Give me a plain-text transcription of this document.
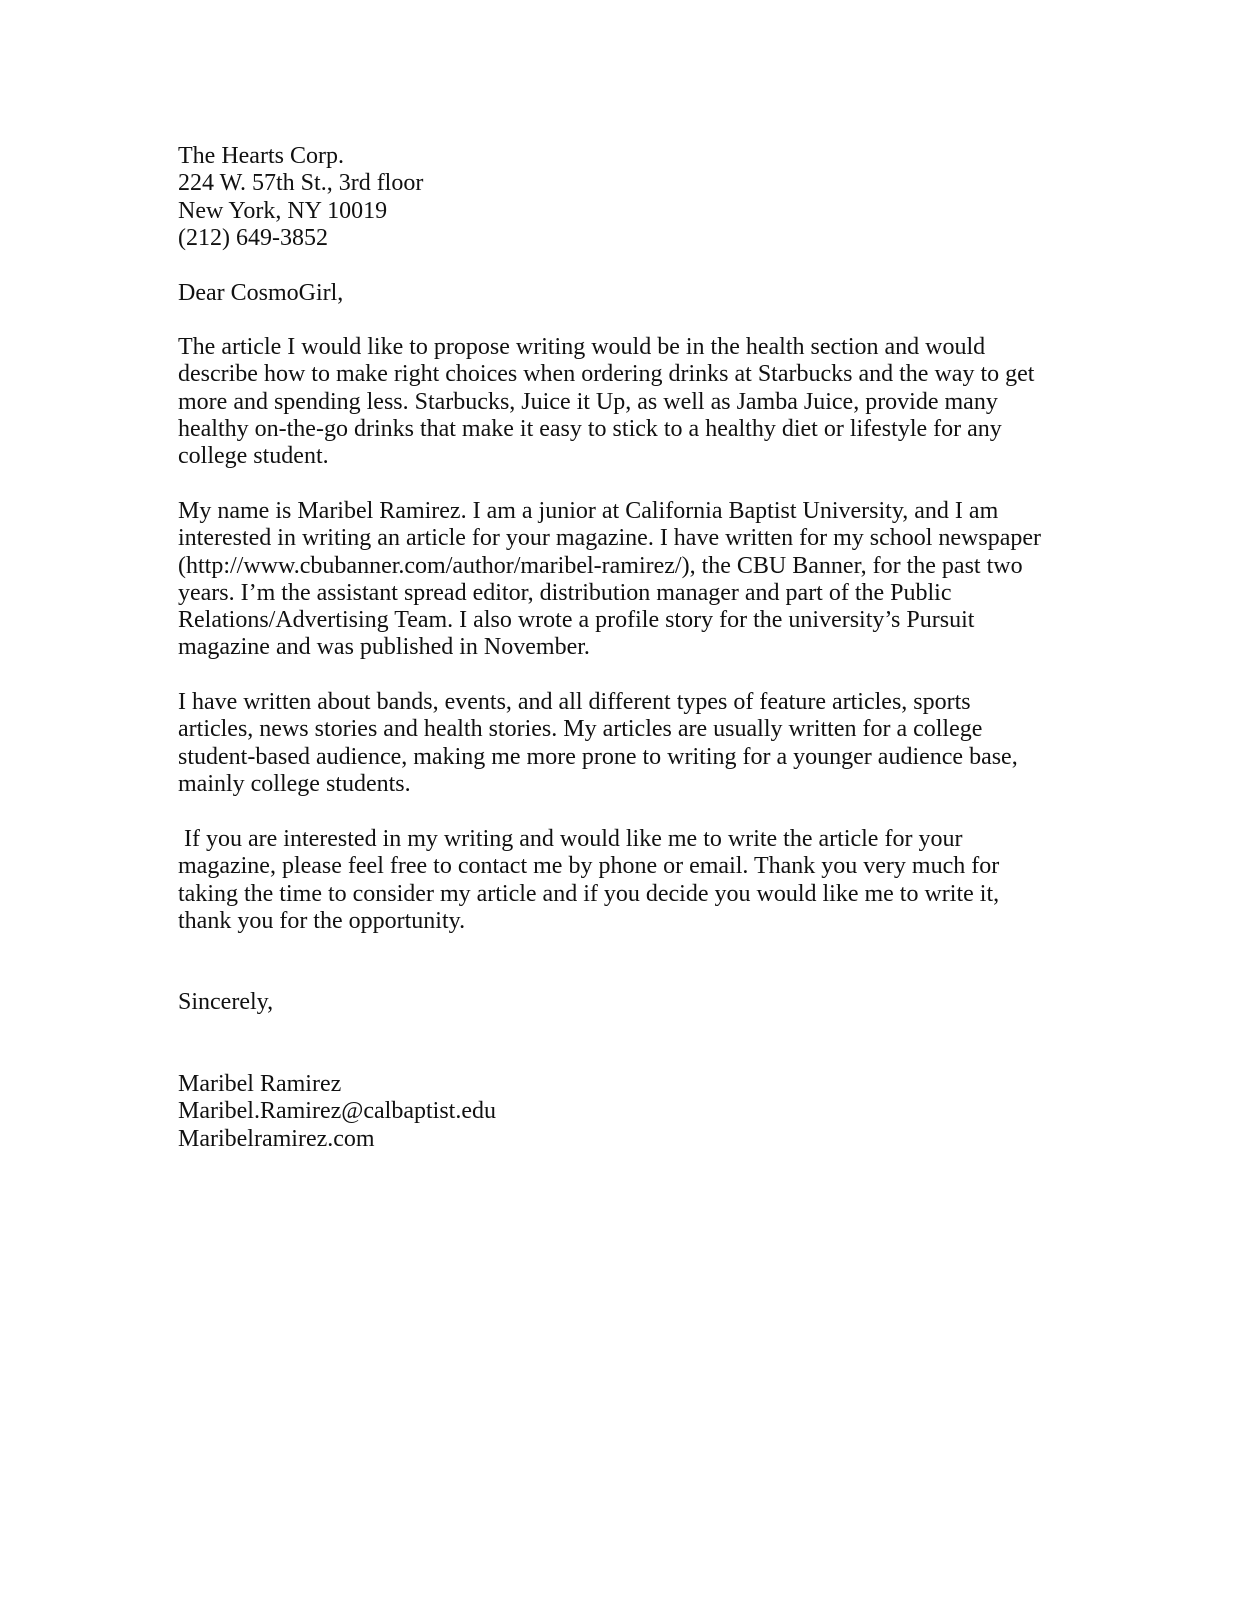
The Hearts Corp.
224 W. 57th St., 3rd floor
New York, NY 10019
(212) 649-3852
Dear CosmoGirl,
The article I would like to propose writing would be in the health section and would
describe how to make right choices when ordering drinks at Starbucks and the way to get
more and spending less. Starbucks, Juice it Up, as well as Jamba Juice, provide many
healthy on-the-go drinks that make it easy to stick to a healthy diet or lifestyle for any
college student.
My name is Maribel Ramirez. I am a junior at California Baptist University, and I am
interested in writing an article for your magazine. I have written for my school newspaper
(http://www.cbubanner.com/author/maribel-ramirez/), the CBU Banner, for the past two
years. I’m the assistant spread editor, distribution manager and part of the Public
Relations/Advertising Team. I also wrote a profile story for the university’s Pursuit
magazine and was published in November.
I have written about bands, events, and all different types of feature articles, sports
articles, news stories and health stories. My articles are usually written for a college
student-based audience, making me more prone to writing for a younger audience base,
mainly college students.
If you are interested in my writing and would like me to write the article for your
magazine, please feel free to contact me by phone or email. Thank you very much for
taking the time to consider my article and if you decide you would like me to write it,
thank you for the opportunity.
Sincerely,
Maribel Ramirez
Maribel.Ramirez@calbaptist.edu
Maribelramirez.com
